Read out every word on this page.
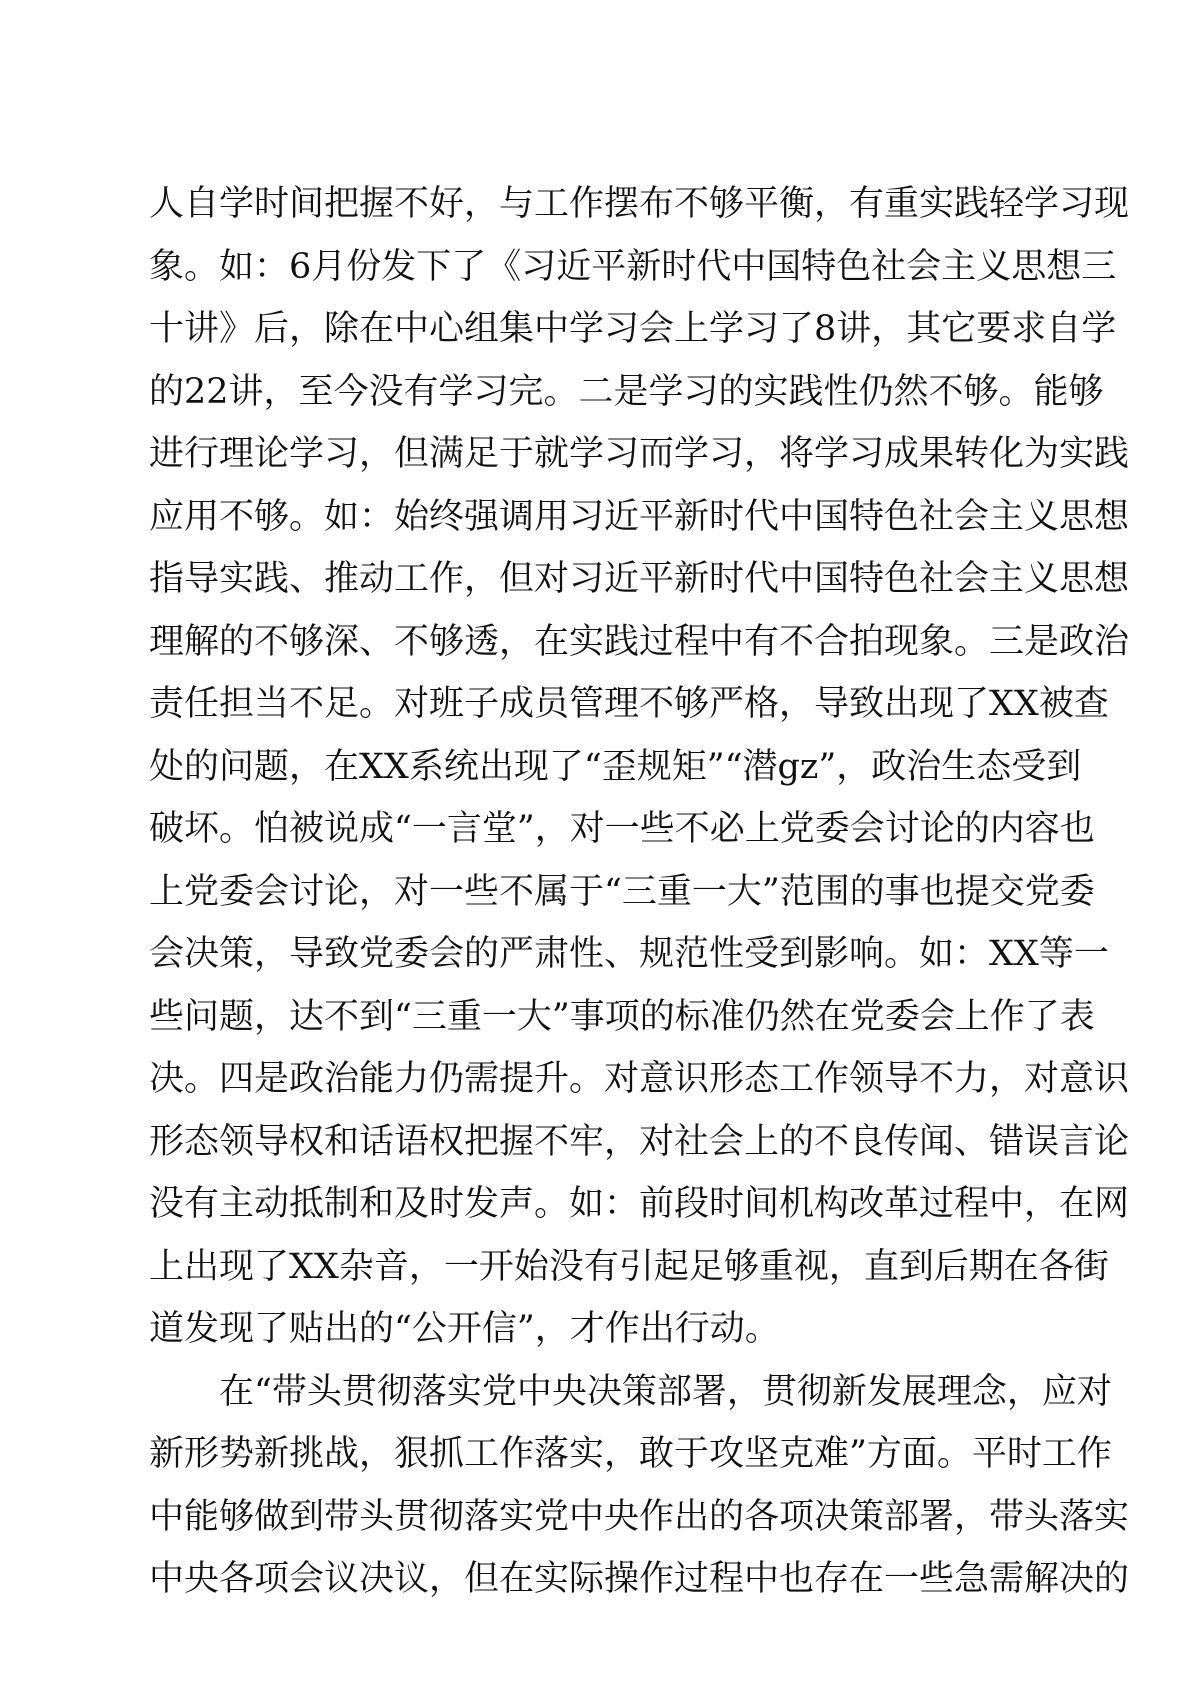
人自学时间把握不好，与工作摆布不够平衡，有重实践轻学习现
象。如：6月份发下了《习近平新时代中国特色社会主义思想三
十讲》后，除在中心组集中学习会上学习了8讲，其它要求自学
的22讲，至今没有学习完。二是学习的实践性仍然不够。能够
进行理论学习，但满足于就学习而学习，将学习成果转化为实践
应用不够。如：始终强调用习近平新时代中国特色社会主义思想
指导实践、推动工作，但对习近平新时代中国特色社会主义思想
理解的不够深、不够透，在实践过程中有不合拍现象。三是政治
责任担当不足。对班子成员管理不够严格，导致出现了XX被查
处的问题，在XX系统出现了“歪规矩”“潜gz”，政治生态受到
破坏。怕被说成“一言堂”，对一些不必上党委会讨论的内容也
上党委会讨论，对一些不属于“三重一大”范围的事也提交党委
会决策，导致党委会的严肃性、规范性受到影响。如：XX等一
些问题，达不到“三重一大”事项的标准仍然在党委会上作了表
决。四是政治能力仍需提升。对意识形态工作领导不力，对意识
形态领导权和话语权把握不牢，对社会上的不良传闻、错误言论
没有主动抵制和及时发声。如：前段时间机构改革过程中，在网
上出现了XX杂音，一开始没有引起足够重视，直到后期在各街
道发现了贴出的“公开信”，才作出行动。
在“带头贯彻落实党中央决策部署，贯彻新发展理念，应对
新形势新挑战，狠抓工作落实，敢于攻坚克难”方面。平时工作
中能够做到带头贯彻落实党中央作出的各项决策部署，带头落实
中央各项会议决议，但在实际操作过程中也存在一些急需解决的
